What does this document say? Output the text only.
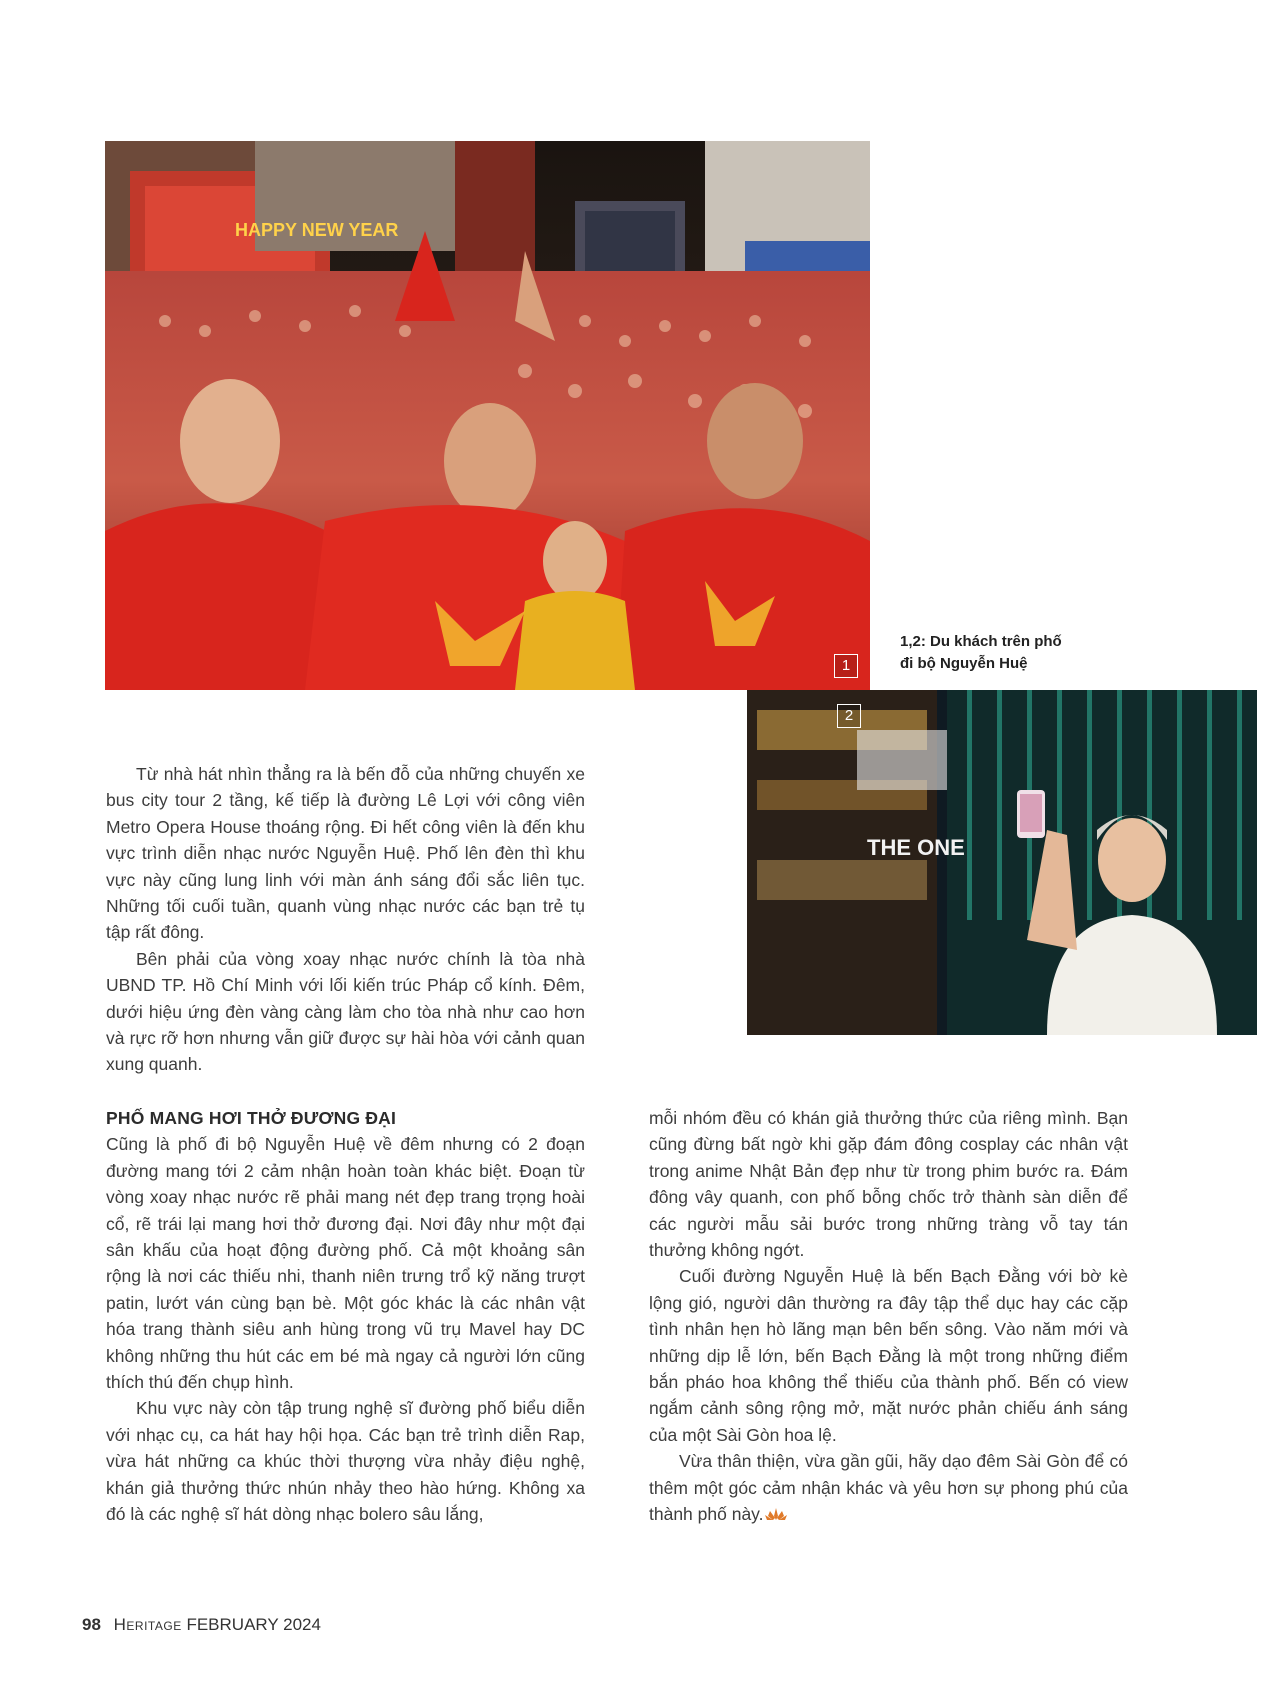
HAPPY NEW YEAR
1
THE ONE
2
1,2: Du khách trên phố
đi bộ Nguyễn Huệ

Từ nhà hát nhìn thẳng ra là bến đỗ của những chuyến xe bus city tour 2 tầng, kế tiếp là đường Lê Lợi với công viên Metro Opera House thoáng rộng. Đi hết công viên là đến khu vực trình diễn nhạc nước Nguyễn Huệ. Phố lên đèn thì khu vực này cũng lung linh với màn ánh sáng đổi sắc liên tục. Những tối cuối tuần, quanh vùng nhạc nước các bạn trẻ tụ tập rất đông.

Bên phải của vòng xoay nhạc nước chính là tòa nhà UBND TP. Hồ Chí Minh với lối kiến trúc Pháp cổ kính. Đêm, dưới hiệu ứng đèn vàng càng làm cho tòa nhà như cao hơn và rực rỡ hơn nhưng vẫn giữ được sự hài hòa với cảnh quan xung quanh.

PHỐ MANG HƠI THỞ ĐƯƠNG ĐẠI

Cũng là phố đi bộ Nguyễn Huệ về đêm nhưng có 2 đoạn đường mang tới 2 cảm nhận hoàn toàn khác biệt. Đoạn từ vòng xoay nhạc nước rẽ phải mang nét đẹp trang trọng hoài cổ, rẽ trái lại mang hơi thở đương đại. Nơi đây như một đại sân khấu của hoạt động đường phố. Cả một khoảng sân rộng là nơi các thiếu nhi, thanh niên trưng trổ kỹ năng trượt patin, lướt ván cùng bạn bè. Một góc khác là các nhân vật hóa trang thành siêu anh hùng trong vũ trụ Mavel hay DC không những thu hút các em bé mà ngay cả người lớn cũng thích thú đến chụp hình.

Khu vực này còn tập trung nghệ sĩ đường phố biểu diễn với nhạc cụ, ca hát hay hội họa. Các bạn trẻ trình diễn Rap, vừa hát những ca khúc thời thượng vừa nhảy điệu nghệ, khán giả thưởng thức nhún nhảy theo hào hứng. Không xa đó là các nghệ sĩ hát dòng nhạc bolero sâu lắng,

mỗi nhóm đều có khán giả thưởng thức của riêng mình. Bạn cũng đừng bất ngờ khi gặp đám đông cosplay các nhân vật trong anime Nhật Bản đẹp như từ trong phim bước ra. Đám đông vây quanh, con phố bỗng chốc trở thành sàn diễn để các người mẫu sải bước trong những tràng vỗ tay tán thưởng không ngớt.

Cuối đường Nguyễn Huệ là bến Bạch Đằng với bờ kè lộng gió, người dân thường ra đây tập thể dục hay các cặp tình nhân hẹn hò lãng mạn bên bến sông. Vào năm mới và những dịp lễ lớn, bến Bạch Đằng là một trong những điểm bắn pháo hoa không thể thiếu của thành phố. Bến có view ngắm cảnh sông rộng mở, mặt nước phản chiếu ánh sáng của một Sài Gòn hoa lệ.

Vừa thân thiện, vừa gần gũi, hãy dạo đêm Sài Gòn để có thêm một góc cảm nhận khác và yêu hơn sự phong phú của thành phố này.

98 Heritage FEBRUARY 2024
